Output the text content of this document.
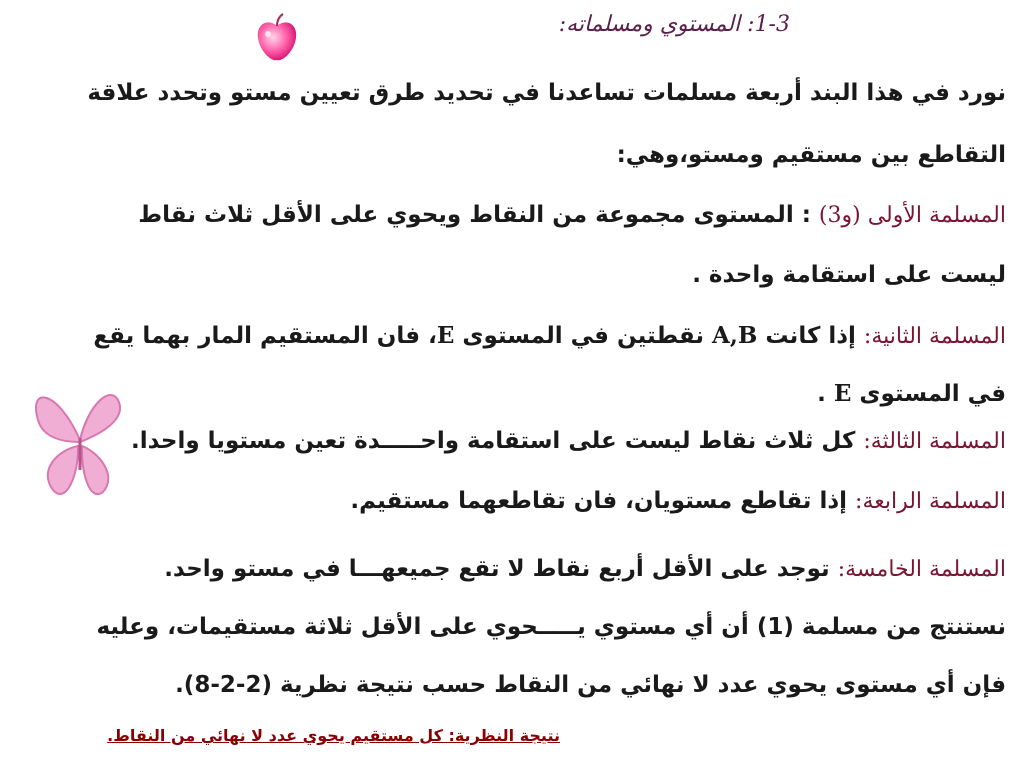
1-3: المستوي ومسلماته:
نورد في هذا البند أربعة مسلمات تساعدنا في تحديد طرق تعيين مستو وتحدد علاقة
التقاطع بين مستقيم ومستو،وهي:
المسلمة الأولى (و3) : المستوى مجموعة من النقاط ويحوي على الأقل ثلاث نقاط
ليست على استقامة واحدة .
المسلمة الثانية: إذا كانت A,B نقطتين في المستوى E، فان المستقيم المار بهما يقع
في المستوى E .
المسلمة الثالثة: كل ثلاث نقاط ليست على استقامة واحـــــدة تعين مستويا واحدا.
المسلمة الرابعة: إذا تقاطع مستويان، فان تقاطعهما مستقيم.
المسلمة الخامسة: توجد على الأقل أربع نقاط لا تقع جميعهـــا في مستو واحد.
نستنتج من مسلمة (1) أن أي مستوي يـــــحوي على الأقل ثلاثة مستقيمات، وعليه
فإن أي مستوى يحوي عدد لا نهائي من النقاط حسب نتيجة نظرية (2-2-8).
نتيجة النظرية: كل مستقيم يحوي عدد لا نهائي من النقاط.
